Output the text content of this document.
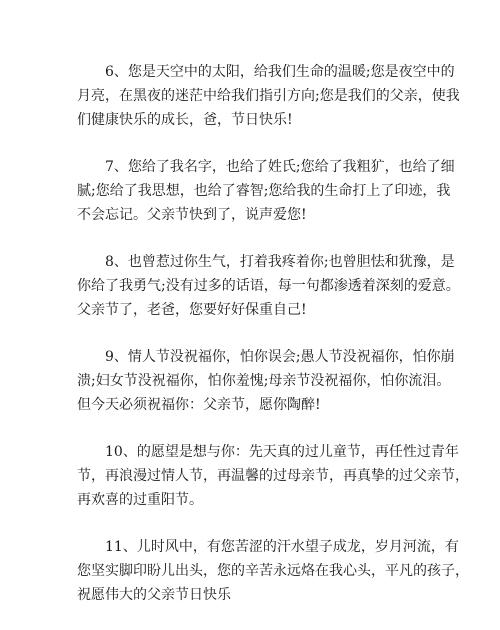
6、您是天空中的太阳，给我们生命的温暖;您是夜空中的
月亮，在黑夜的迷茫中给我们指引方向;您是我们的父亲，使我
们健康快乐的成长，爸，节日快乐!

7、您给了我名字，也给了姓氏;您给了我粗犷，也给了细
腻;您给了我思想，也给了睿智;您给我的生命打上了印迹，我
不会忘记。父亲节快到了，说声爱您!

8、也曾惹过你生气，打着我疼着你;也曾胆怯和犹豫，是
你给了我勇气;没有过多的话语，每一句都渗透着深刻的爱意。
父亲节了，老爸，您要好好保重自己!

9、情人节没祝福你，怕你误会;愚人节没祝福你，怕你崩
溃;妇女节没祝福你，怕你羞愧;母亲节没祝福你，怕你流泪。
但今天必须祝福你：父亲节，愿你陶醉!

10、的愿望是想与你：先天真的过儿童节，再任性过青年
节，再浪漫过情人节，再温馨的过母亲节，再真挚的过父亲节，
再欢喜的过重阳节。

11、儿时风中，有您苦涩的汗水望子成龙，岁月河流，有
您坚实脚印盼儿出头，您的辛苦永远烙在我心头，平凡的孩子，
祝愿伟大的父亲节日快乐
